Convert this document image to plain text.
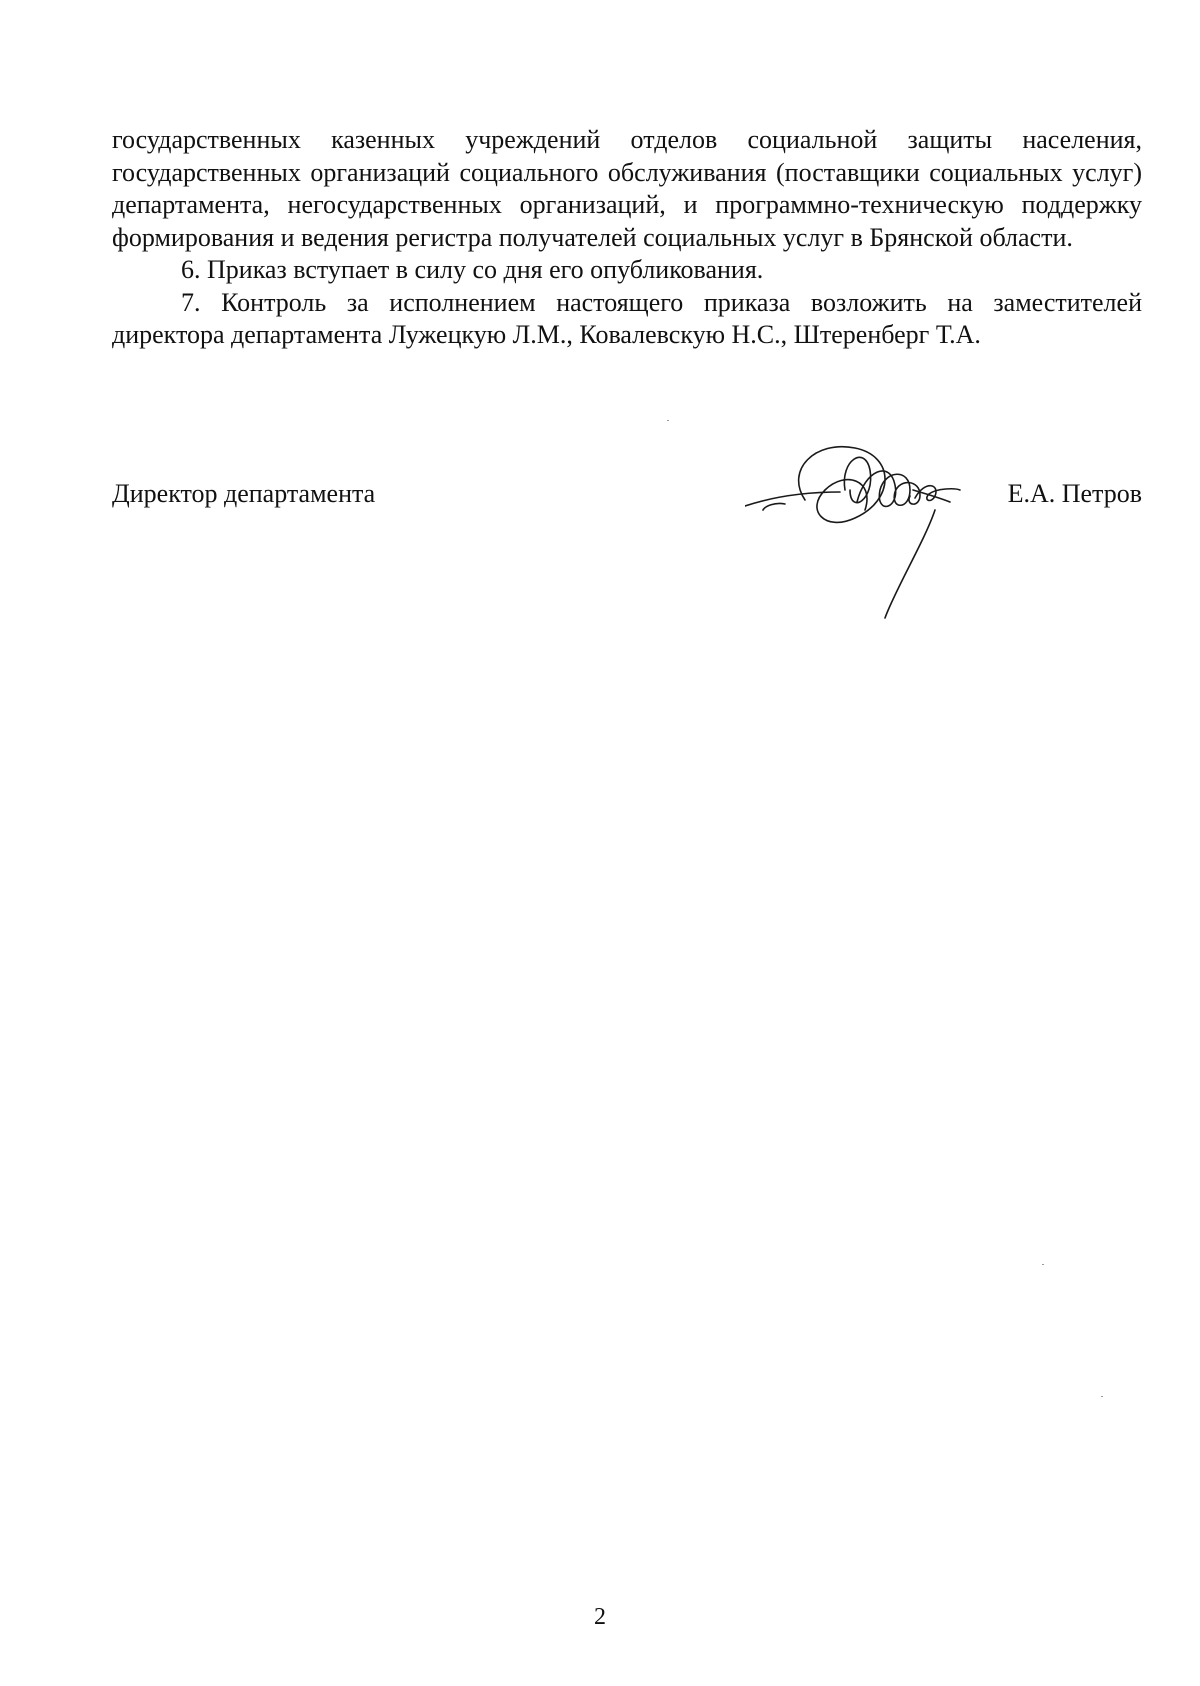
государственных казенных учреждений отделов социальной защиты населения, государственных организаций социального обслуживания (поставщики социальных услуг) департамента, негосударственных организаций, и программно-техническую поддержку формирования и ведения регистра получателей социальных услуг в Брянской области.

6. Приказ вступает в силу со дня его опубликования.

7. Контроль за исполнением настоящего приказа возложить на заместителей директора департамента Лужецкую Л.М., Ковалевскую Н.С., Штеренберг Т.А.

Директор департамента	Е.А. Петров
2
